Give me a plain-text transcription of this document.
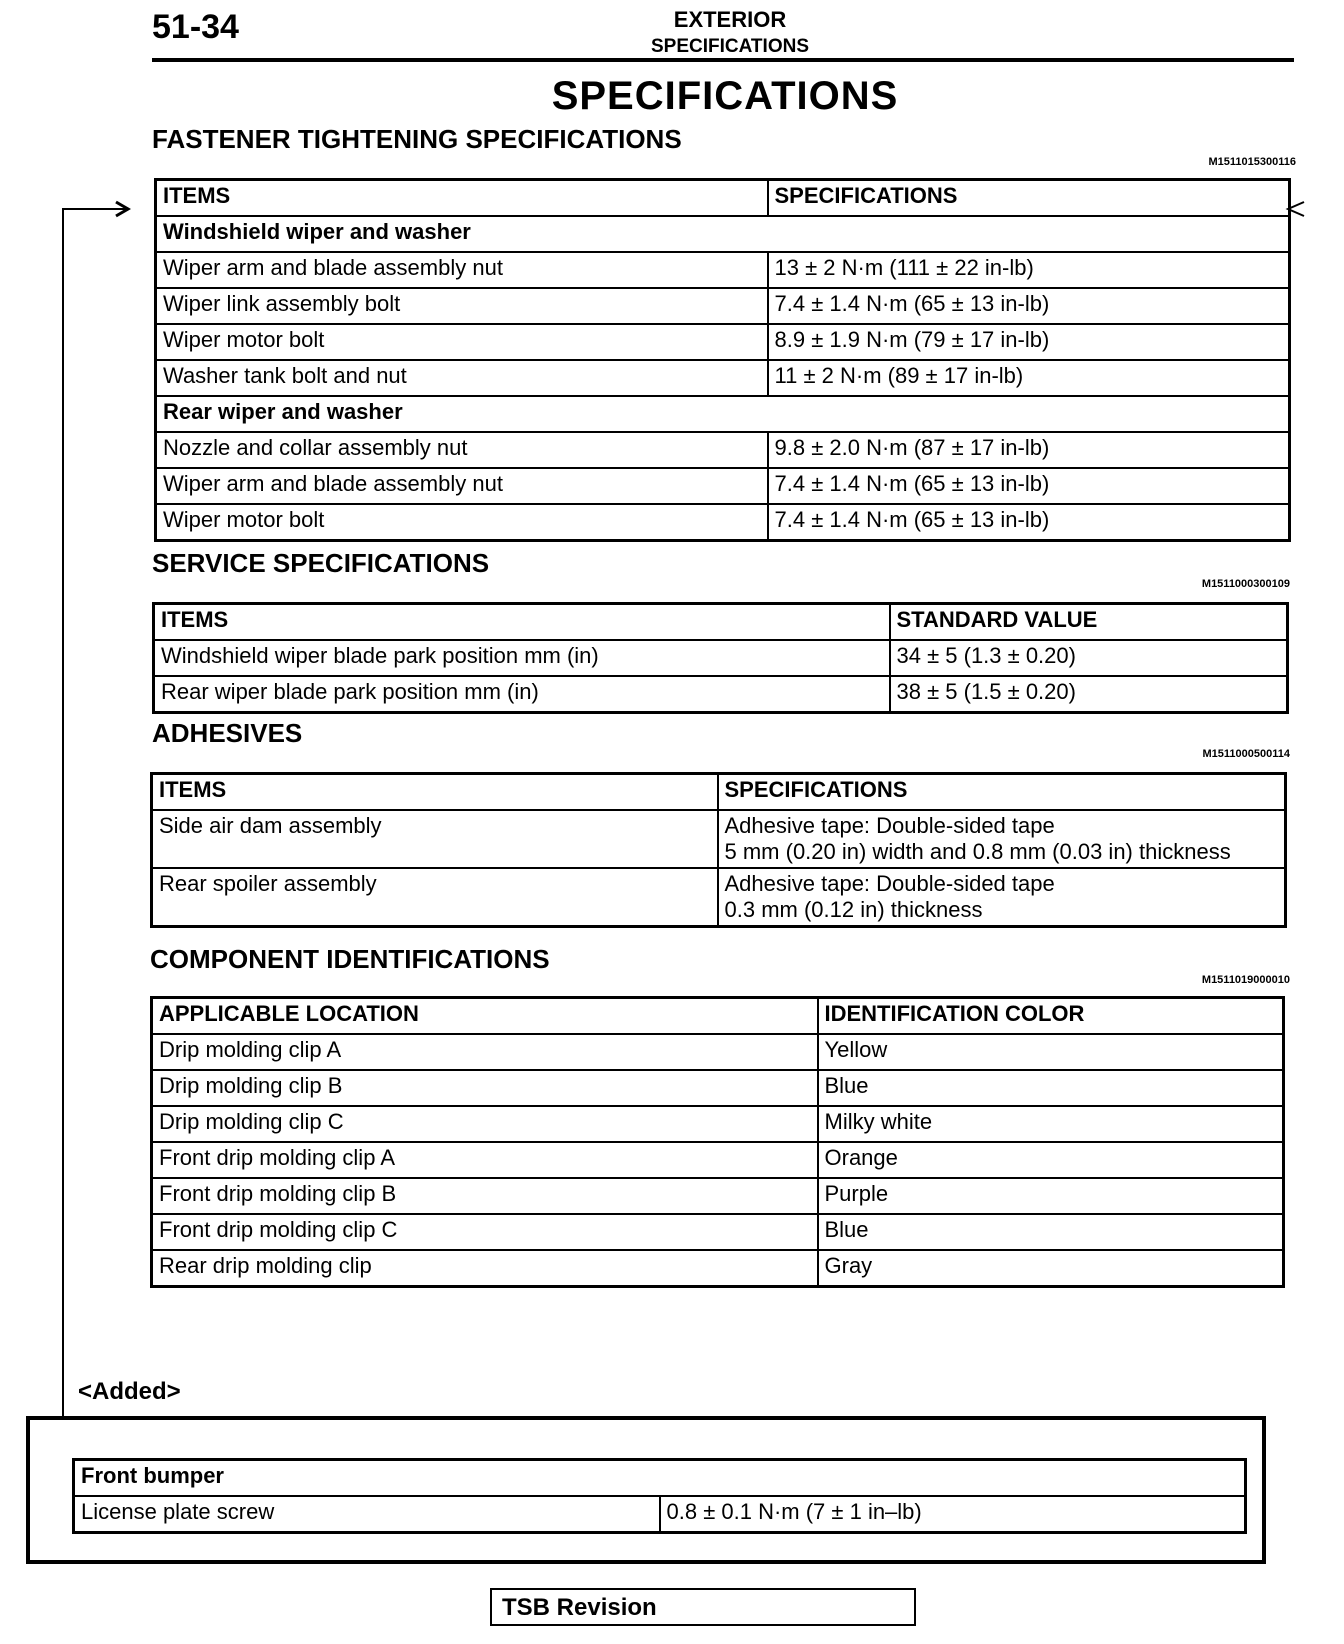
51-34	EXTERIOR
SPECIFICATIONS
SPECIFICATIONS
FASTENER TIGHTENING SPECIFICATIONS
M1511015300116
ITEMS	SPECIFICATIONS
Windshield wiper and washer	
Wiper arm and blade assembly nut	13 ± 2 N·m (111 ± 22 in-lb)
Wiper link assembly bolt	7.4 ± 1.4 N·m (65 ± 13 in-lb)
Wiper motor bolt	8.9 ± 1.9 N·m (79 ± 17 in-lb)
Washer tank bolt and nut	11 ± 2 N·m (89 ± 17 in-lb)
Rear wiper and washer	
Nozzle and collar assembly nut	9.8 ± 2.0 N·m (87 ± 17 in-lb)
Wiper arm and blade assembly nut	7.4 ± 1.4 N·m (65 ± 13 in-lb)
Wiper motor bolt	7.4 ± 1.4 N·m (65 ± 13 in-lb)
SERVICE SPECIFICATIONS
M1511000300109
ITEMS	STANDARD VALUE
Windshield wiper blade park position mm (in)	34 ± 5 (1.3 ± 0.20)
Rear wiper blade park position mm (in)	38 ± 5 (1.5 ± 0.20)
ADHESIVES
M1511000500114
ITEMS	SPECIFICATIONS
Side air dam assembly	Adhesive tape: Double-sided tape
5 mm (0.20 in) width and 0.8 mm (0.03 in) thickness

Rear spoiler assembly	Adhesive tape: Double-sided tape
0.3 mm (0.12 in) thickness
COMPONENT IDENTIFICATIONS
M1511019000010
APPLICABLE LOCATION	IDENTIFICATION COLOR
Drip molding clip A	Yellow
Drip molding clip B	Blue
Drip molding clip C	Milky white
Front drip molding clip A	Orange
Front drip molding clip B	Purple
Front drip molding clip C	Blue
Rear drip molding clip	Gray
<Added>
Front bumper
License plate screw	0.8 ± 0.1 N·m (7 ± 1 in–lb)
TSB Revision
